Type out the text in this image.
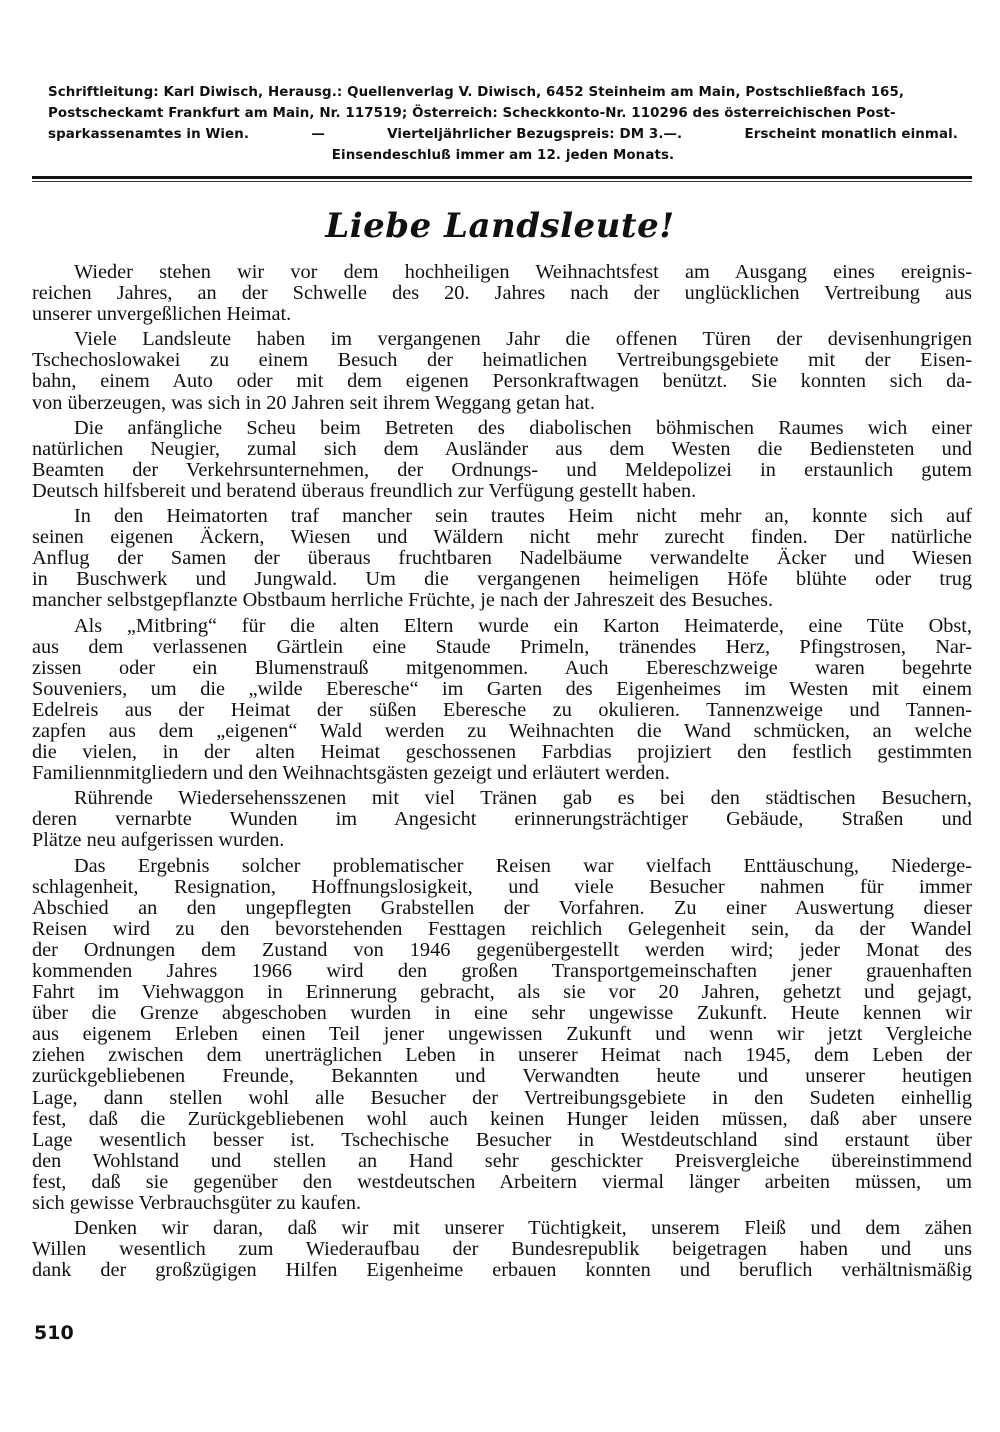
Schriftleitung: Karl Diwisch, Herausg.: Quellenverlag V. Diwisch, 6452 Steinheim am Main, Postschließfach 165,
Postscheckamt Frankfurt am Main, Nr. 117519; Österreich: Scheckkonto-Nr. 110296 des österreichischen Post-
sparkassenamtes in Wien.	—	Vierteljährlicher Bezugspreis: DM 3.—.	Erscheint monatlich einmal.
Einsendeschluß immer am 12. jeden Monats.
Liebe Landsleute!

Wieder stehen wir vor dem hochheiligen Weihnachtsfest am Ausgang eines ereignis-
reichen Jahres, an der Schwelle des 20. Jahres nach der unglücklichen Vertreibung aus
unserer unvergeßlichen Heimat.

Viele Landsleute haben im vergangenen Jahr die offenen Türen der devisenhungrigen
Tschechoslowakei zu einem Besuch der heimatlichen Vertreibungsgebiete mit der Eisen-
bahn, einem Auto oder mit dem eigenen Personkraftwagen benützt. Sie konnten sich da-
von überzeugen, was sich in 20 Jahren seit ihrem Weggang getan hat.

Die anfängliche Scheu beim Betreten des diabolischen böhmischen Raumes wich einer
natürlichen Neugier, zumal sich dem Ausländer aus dem Westen die Bediensteten und
Beamten der Verkehrsunternehmen, der Ordnungs- und Meldepolizei in erstaunlich gutem
Deutsch hilfsbereit und beratend überaus freundlich zur Verfügung gestellt haben.

In den Heimatorten traf mancher sein trautes Heim nicht mehr an, konnte sich auf
seinen eigenen Äckern, Wiesen und Wäldern nicht mehr zurecht finden. Der natürliche
Anflug der Samen der überaus fruchtbaren Nadelbäume verwandelte Äcker und Wiesen
in Buschwerk und Jungwald. Um die vergangenen heimeligen Höfe blühte oder trug
mancher selbstgepflanzte Obstbaum herrliche Früchte, je nach der Jahreszeit des Besuches.

Als „Mitbring“ für die alten Eltern wurde ein Karton Heimaterde, eine Tüte Obst,
aus dem verlassenen Gärtlein eine Staude Primeln, tränendes Herz, Pfingstrosen, Nar-
zissen oder ein Blumenstrauß mitgenommen. Auch Ebereschzweige waren begehrte
Souveniers, um die „wilde Eberesche“ im Garten des Eigenheimes im Westen mit einem
Edelreis aus der Heimat der süßen Eberesche zu okulieren. Tannenzweige und Tannen-
zapfen aus dem „eigenen“ Wald werden zu Weihnachten die Wand schmücken, an welche
die vielen, in der alten Heimat geschossenen Farbdias projiziert den festlich gestimmten
Familiennmitgliedern und den Weihnachtsgästen gezeigt und erläutert werden.

Rührende Wiedersehensszenen mit viel Tränen gab es bei den städtischen Besuchern,
deren vernarbte Wunden im Angesicht erinnerungsträchtiger Gebäude, Straßen und
Plätze neu aufgerissen wurden.

Das Ergebnis solcher problematischer Reisen war vielfach Enttäuschung, Niederge-
schlagenheit, Resignation, Hoffnungslosigkeit, und viele Besucher nahmen für immer
Abschied an den ungepflegten Grabstellen der Vorfahren. Zu einer Auswertung dieser
Reisen wird zu den bevorstehenden Festtagen reichlich Gelegenheit sein, da der Wandel
der Ordnungen dem Zustand von 1946 gegenübergestellt werden wird; jeder Monat des
kommenden Jahres 1966 wird den großen Transportgemeinschaften jener grauenhaften
Fahrt im Viehwaggon in Erinnerung gebracht, als sie vor 20 Jahren, gehetzt und gejagt,
über die Grenze abgeschoben wurden in eine sehr ungewisse Zukunft. Heute kennen wir
aus eigenem Erleben einen Teil jener ungewissen Zukunft und wenn wir jetzt Vergleiche
ziehen zwischen dem unerträglichen Leben in unserer Heimat nach 1945, dem Leben der
zurückgebliebenen Freunde, Bekannten und Verwandten heute und unserer heutigen
Lage, dann stellen wohl alle Besucher der Vertreibungsgebiete in den Sudeten einhellig
fest, daß die Zurückgebliebenen wohl auch keinen Hunger leiden müssen, daß aber unsere
Lage wesentlich besser ist. Tschechische Besucher in Westdeutschland sind erstaunt über
den Wohlstand und stellen an Hand sehr geschickter Preisvergleiche übereinstimmend
fest, daß sie gegenüber den westdeutschen Arbeitern viermal länger arbeiten müssen, um
sich gewisse Verbrauchsgüter zu kaufen.

Denken wir daran, daß wir mit unserer Tüchtigkeit, unserem Fleiß und dem zähen
Willen wesentlich zum Wiederaufbau der Bundesrepublik beigetragen haben und uns
dank der großzügigen Hilfen Eigenheime erbauen konnten und beruflich verhältnismäßig

510
